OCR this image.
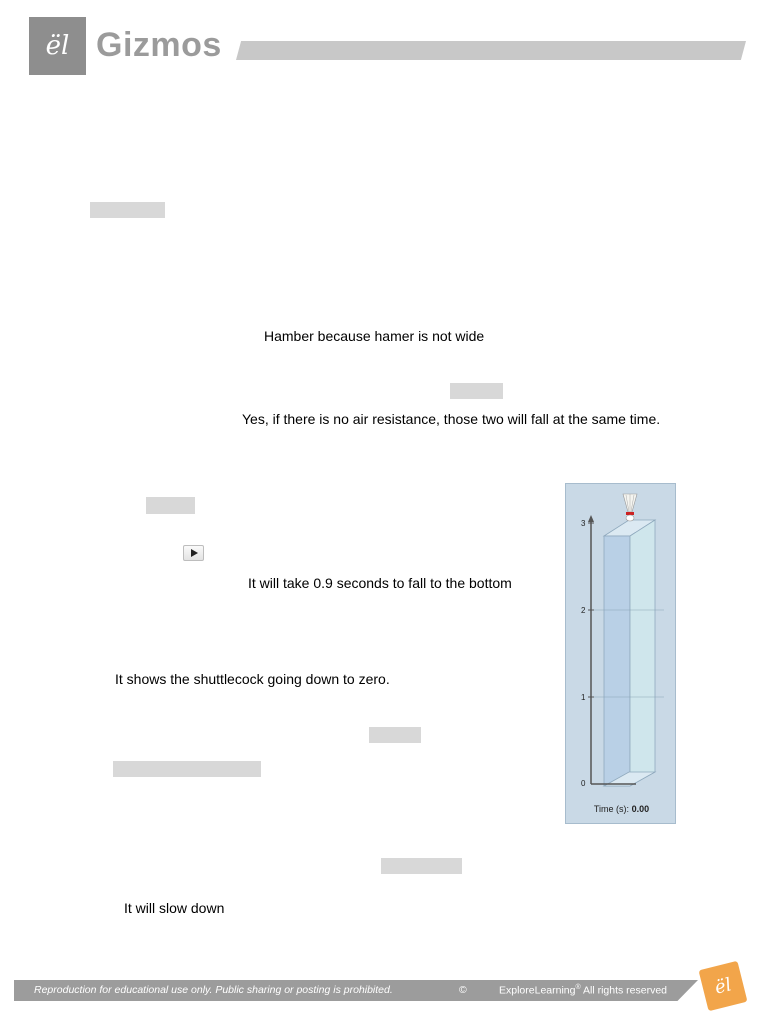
ël Gizmos
Hamber because hamer is not wide
Yes, if there is no air resistance, those two will fall at the same time.
It will take 0.9 seconds to fall to the bottom
It shows the shuttlecock going down to zero.
It will slow down
3
2
1
0
Time (s): 0.00
Reproduction for educational use only. Public sharing or posting is prohibited.	©	ExploreLearning® All rights reserved	ël
